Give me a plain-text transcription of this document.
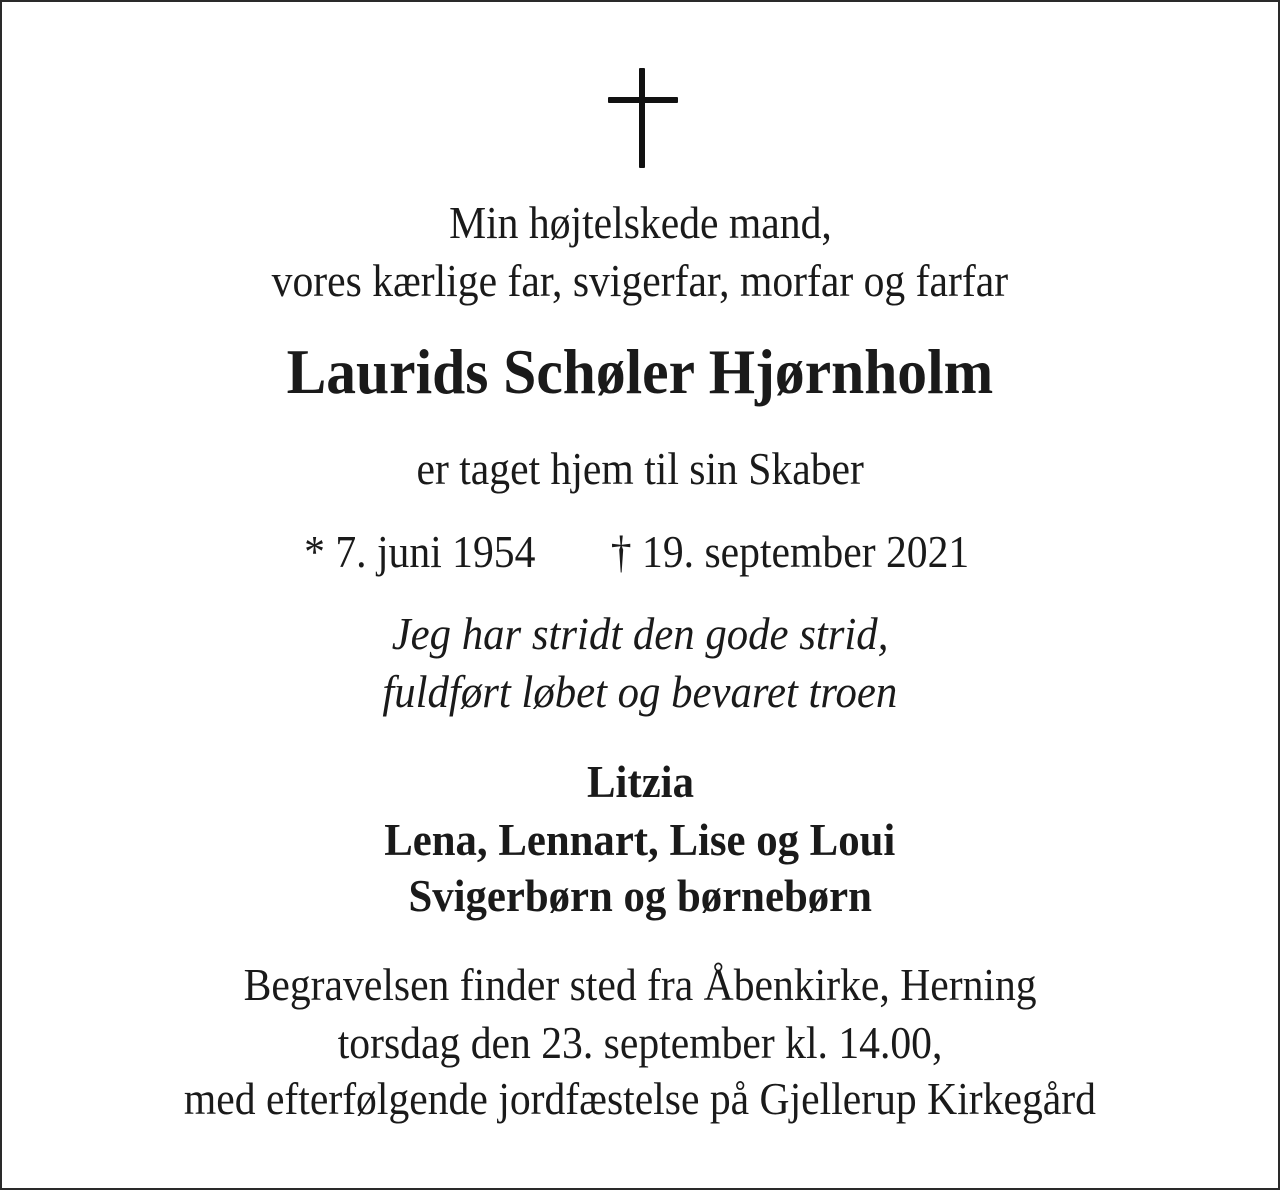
Min højtelskede mand,
vores kærlige far, svigerfar, morfar og farfar
Laurids Schøler Hjørnholm
er taget hjem til sin Skaber
* 7. juni 1954 † 19. september 2021
Jeg har stridt den gode strid,
fuldført løbet og bevaret troen
Litzia
Lena, Lennart, Lise og Loui
Svigerbørn og børnebørn
Begravelsen finder sted fra Åbenkirke, Herning
torsdag den 23. september kl. 14.00,
med efterfølgende jordfæstelse på Gjellerup Kirkegård
